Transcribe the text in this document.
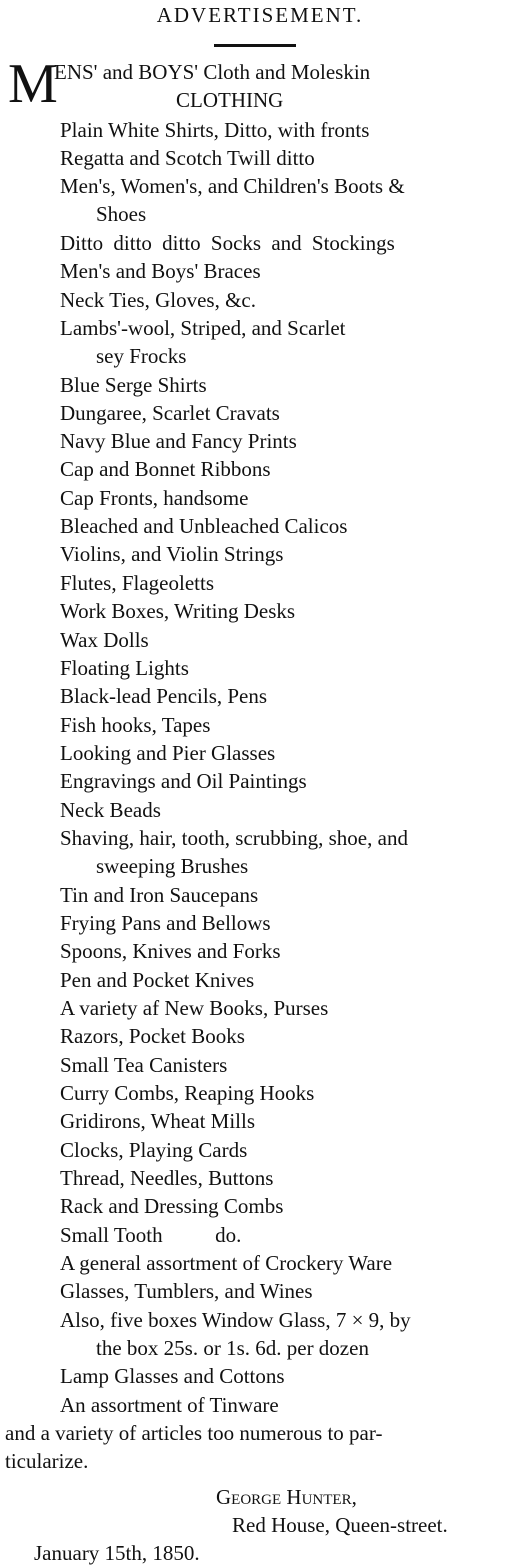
ADVERTISEMENT.
M
ENS' and BOYS' Cloth and Moleskin
CLOTHING
Plain White Shirts, Ditto, with fronts
Regatta and Scotch Twill ditto
Men's, Women's, and Children's Boots &
Shoes
Ditto ditto ditto Socks and Stockings
Men's and Boys' Braces
Neck Ties, Gloves, &c.
Lambs'-wool, Striped, and Scarlet
sey Frocks
Blue Serge Shirts
Dungaree, Scarlet Cravats
Navy Blue and Fancy Prints
Cap and Bonnet Ribbons
Cap Fronts, handsome
Bleached and Unbleached Calicos
Violins, and Violin Strings
Flutes, Flageoletts
Work Boxes, Writing Desks
Wax Dolls
Floating Lights
Black-lead Pencils, Pens
Fish hooks, Tapes
Looking and Pier Glasses
Engravings and Oil Paintings
Neck Beads
Shaving, hair, tooth, scrubbing, shoe, and
sweeping Brushes
Tin and Iron Saucepans
Frying Pans and Bellows
Spoons, Knives and Forks
Pen and Pocket Knives
A variety af New Books, Purses
Razors, Pocket Books
Small Tea Canisters
Curry Combs, Reaping Hooks
Gridirons, Wheat Mills
Clocks, Playing Cards
Thread, Needles, Buttons
Rack and Dressing Combs
Small Tooth          do.
A general assortment of Crockery Ware
Glasses, Tumblers, and Wines
Also, five boxes Window Glass, 7 × 9, by
the box 25s. or 1s. 6d. per dozen
Lamp Glasses and Cottons
An assortment of Tinware
and a variety of articles too numerous to par-
ticularize.
George Hunter,
Red House, Queen-street.
January 15th, 1850.
